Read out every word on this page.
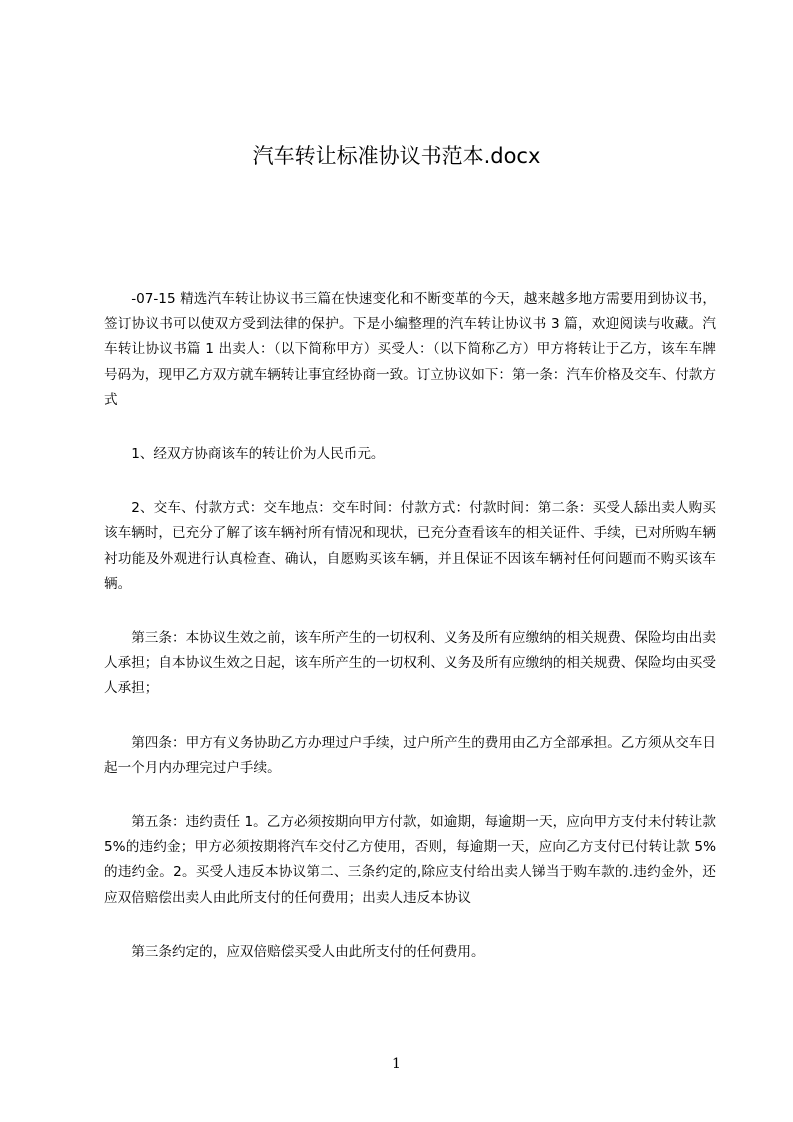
汽车转让标准协议书范本.docx

-07-15 精选汽车转让协议书三篇在快速变化和不断变革的今天，越来越多地方需要用到协议书，签订协议书可以使双方受到法律的保护。下是小编整理的汽车转让协议书 3 篇，欢迎阅读与收藏。汽车转让协议书篇 1 出卖人：（以下简称甲方）买受人：（以下简称乙方）甲方将转让于乙方，该车车牌号码为，现甲乙方双方就车辆转让事宜经协商一致。订立协议如下：第一条：汽车价格及交车、付款方式

1、经双方协商该车的转让价为人民币元。

2、交车、付款方式：交车地点：交车时间：付款方式：付款时间：第二条：买受人舔出卖人购买该车辆时，已充分了解了该车辆衬所有情况和现状，已充分查看该车的相关证件、手续，已对所购车辆衬功能及外观进行认真检查、确认，自愿购买该车辆，并且保证不因该车辆衬任何问题而不购买该车辆。

第三条：本协议生效之前，该车所产生的一切权利、义务及所有应缴纳的相关规费、保险均由出卖人承担；自本协议生效之日起，该车所产生的一切权利、义务及所有应缴纳的相关规费、保险均由买受人承担；

第四条：甲方有义务协助乙方办理过户手续，过户所产生的费用由乙方全部承担。乙方须从交车日起一个月内办理完过户手续。

第五条：违约责任 1。乙方必须按期向甲方付款，如逾期，每逾期一天，应向甲方支付未付转让款 5%的违约金；甲方必须按期将汽车交付乙方使用，否则，每逾期一天，应向乙方支付已付转让款 5%的违约金。2。买受人违反本协议第二、三条约定的,除应支付给出卖人锑当于购车款的.违约金外，还应双倍赔偿出卖人由此所支付的任何费用；出卖人违反本协议

第三条约定的，应双倍赔偿买受人由此所支付的任何费用。

1
